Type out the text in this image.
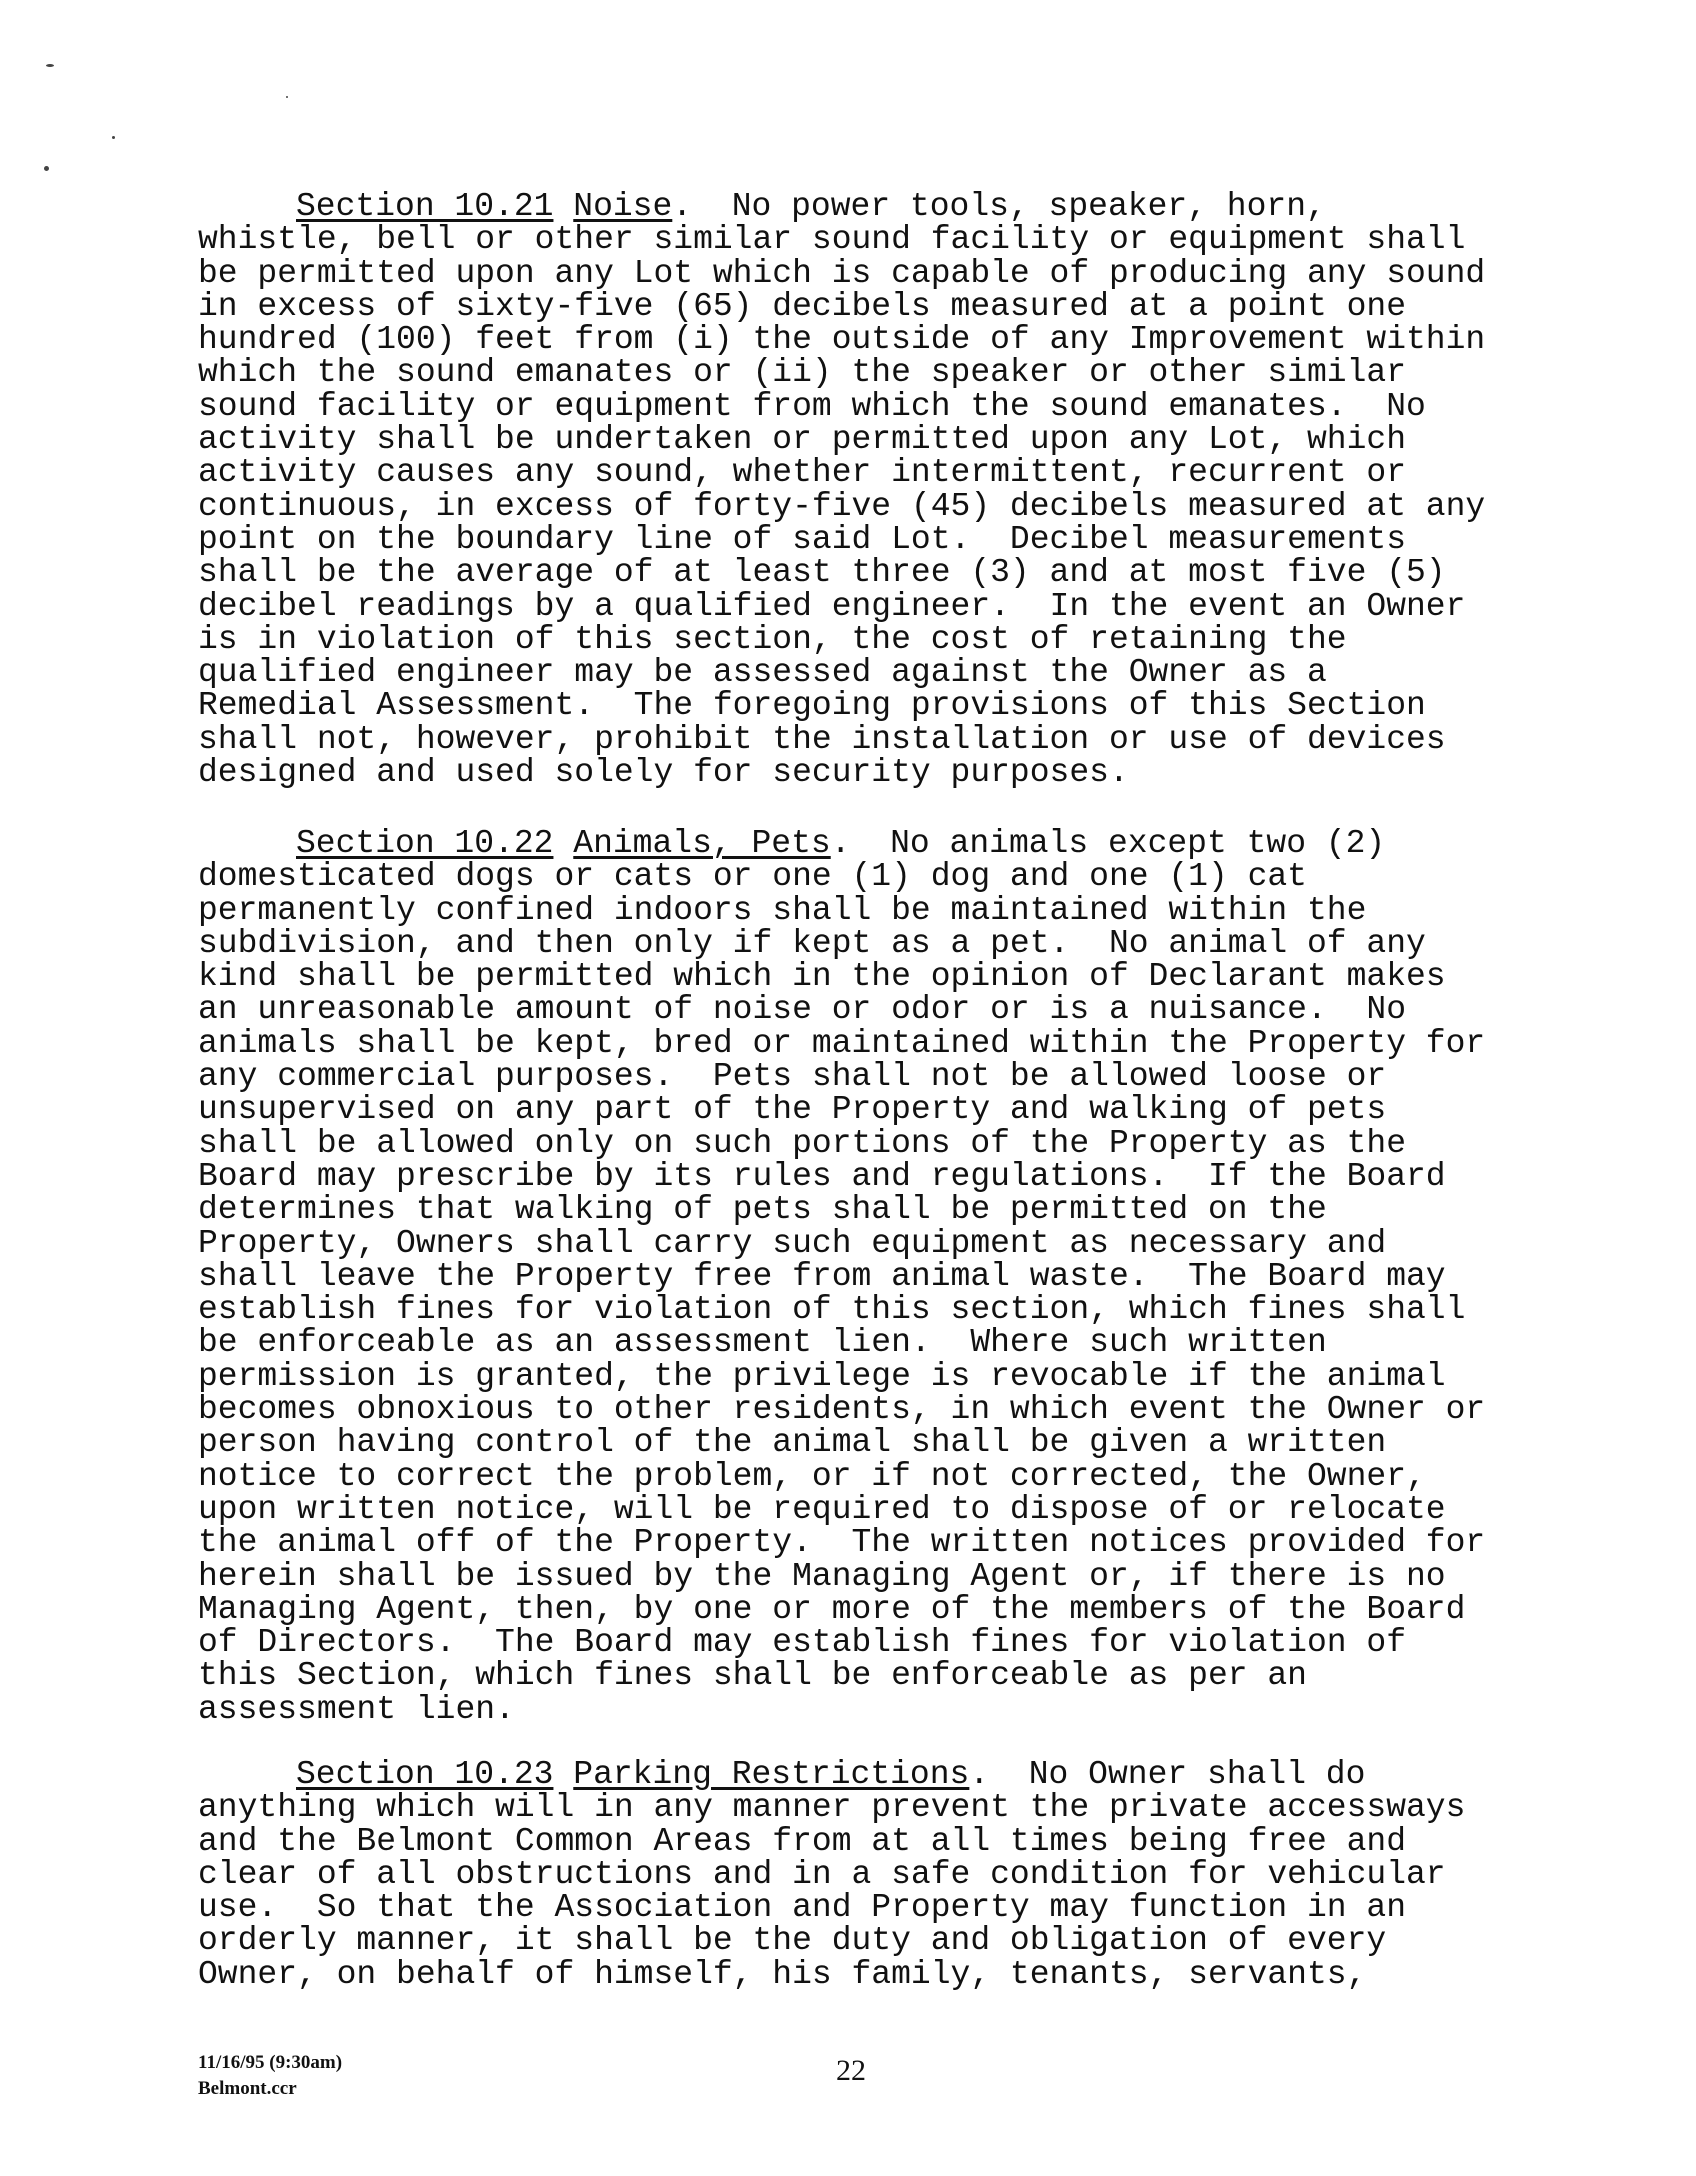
Section 10.21 Noise.  No power tools, speaker, horn,
whistle, bell or other similar sound facility or equipment shall
be permitted upon any Lot which is capable of producing any sound
in excess of sixty-five (65) decibels measured at a point one
hundred (100) feet from (i) the outside of any Improvement within
which the sound emanates or (ii) the speaker or other similar
sound facility or equipment from which the sound emanates.  No
activity shall be undertaken or permitted upon any Lot, which
activity causes any sound, whether intermittent, recurrent or
continuous, in excess of forty-five (45) decibels measured at any
point on the boundary line of said Lot.  Decibel measurements
shall be the average of at least three (3) and at most five (5)
decibel readings by a qualified engineer.  In the event an Owner
is in violation of this section, the cost of retaining the
qualified engineer may be assessed against the Owner as a
Remedial Assessment.  The foregoing provisions of this Section
shall not, however, prohibit the installation or use of devices
designed and used solely for security purposes.
Section 10.22 Animals, Pets.  No animals except two (2)
domesticated dogs or cats or one (1) dog and one (1) cat
permanently confined indoors shall be maintained within the
subdivision, and then only if kept as a pet.  No animal of any
kind shall be permitted which in the opinion of Declarant makes
an unreasonable amount of noise or odor or is a nuisance.  No
animals shall be kept, bred or maintained within the Property for
any commercial purposes.  Pets shall not be allowed loose or
unsupervised on any part of the Property and walking of pets
shall be allowed only on such portions of the Property as the
Board may prescribe by its rules and regulations.  If the Board
determines that walking of pets shall be permitted on the
Property, Owners shall carry such equipment as necessary and
shall leave the Property free from animal waste.  The Board may
establish fines for violation of this section, which fines shall
be enforceable as an assessment lien.  Where such written
permission is granted, the privilege is revocable if the animal
becomes obnoxious to other residents, in which event the Owner or
person having control of the animal shall be given a written
notice to correct the problem, or if not corrected, the Owner,
upon written notice, will be required to dispose of or relocate
the animal off of the Property.  The written notices provided for
herein shall be issued by the Managing Agent or, if there is no
Managing Agent, then, by one or more of the members of the Board
of Directors.  The Board may establish fines for violation of
this Section, which fines shall be enforceable as per an
assessment lien.
Section 10.23 Parking Restrictions.  No Owner shall do
anything which will in any manner prevent the private accessways
and the Belmont Common Areas from at all times being free and
clear of all obstructions and in a safe condition for vehicular
use.  So that the Association and Property may function in an
orderly manner, it shall be the duty and obligation of every
Owner, on behalf of himself, his family, tenants, servants,
11/16/95 (9:30am)
Belmont.ccr
22
